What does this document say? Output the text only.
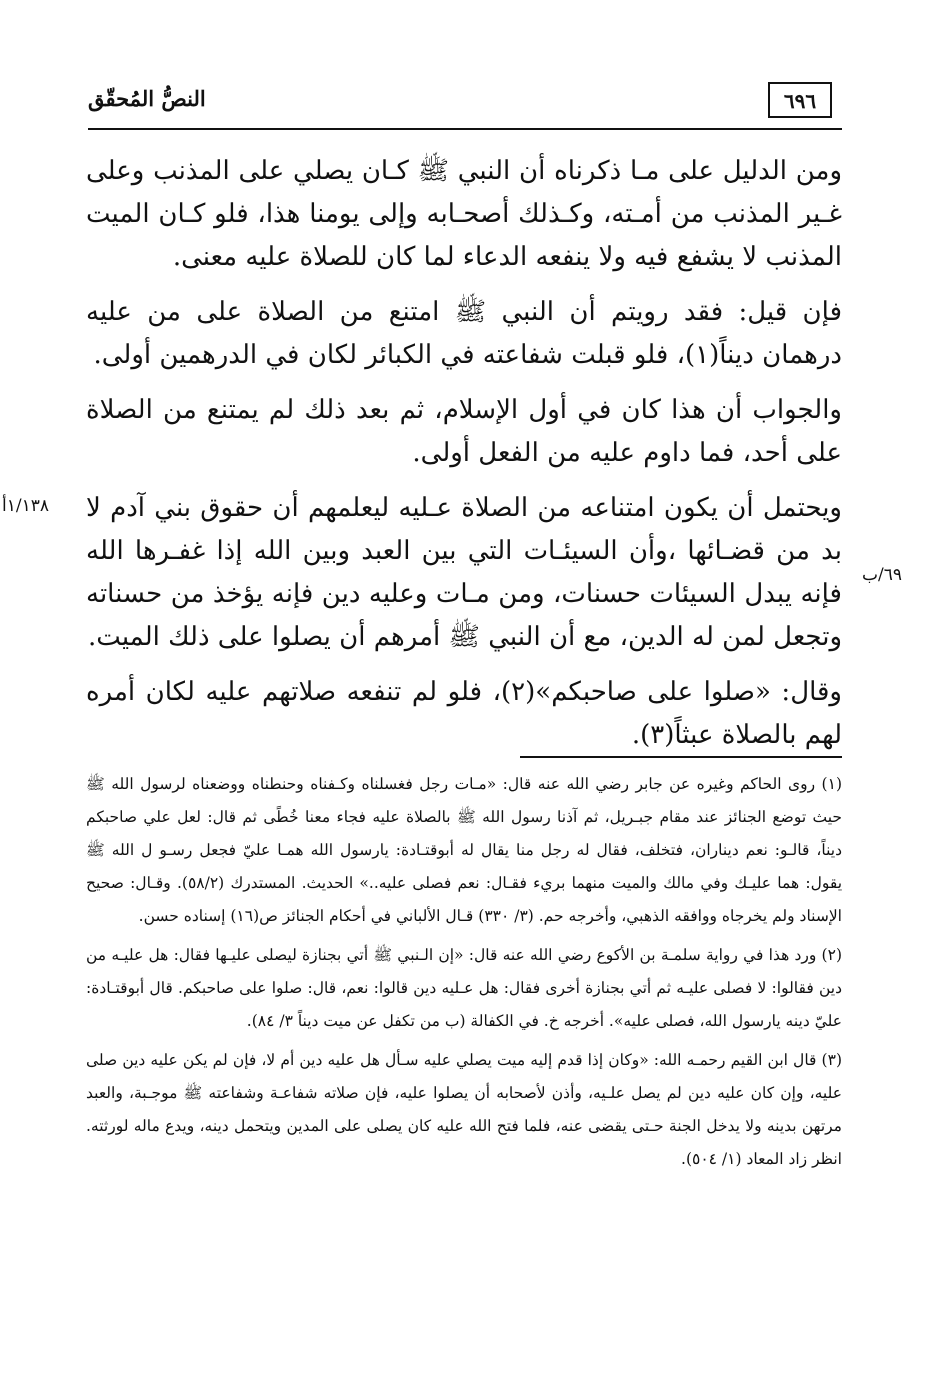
٦٩٦
النصُّ المُحقّق
١/١٣٨أ
٦٩/ب

ومن الدليل على مـا ذكرناه أن النبي ﷺ كـان يصلي على المذنب وعلى غـير المذنب من أمـته، وكـذلك أصحـابه وإلى يومنا هذا، فلو كـان الميت المذنب لا يشفع فيه ولا ينفعه الدعاء لما كان للصلاة عليه معنى.

فإن قيل: فقد رويتم أن النبي ﷺ امتنع من الصلاة على من عليه درهمان ديناً(١)، فلو قبلت شفاعته في الكبائر لكان في الدرهمين أولى.

والجواب أن هذا كان في أول الإسلام، ثم بعد ذلك لم يمتنع من الصلاة على أحد، فما داوم عليه من الفعل أولى.

ويحتمل أن يكون امتناعه من الصلاة عـليه ليعلمهم أن حقوق بني آدم لا بد من قضـائها ،وأن السيئـات التي بين العبد وبين الله إذا غفـرها الله فإنه يبدل السيئات حسنات، ومن مـات وعليه دين فإنه يؤخذ من حسناته وتجعل لمن له الدين، مع أن النبي ﷺ أمرهم أن يصلوا على ذلك الميت.

وقال: «صلوا على صاحبكم»(٢)، فلو لم تنفعه صلاتهم عليه لكان أمره لهم بالصلاة عبثاً(٣).

(١) روى الحاكم وغيره عن جابر رضي الله عنه قال: «مـات رجل فغسلناه وكـفناه وحنطناه ووضعناه لرسول الله ﷺ حيث توضع الجنائز عند مقام جبـريل، ثم آذنا رسول الله ﷺ بالصلاة عليه فجاء معنا خُطًى ثم قال: لعل علي صاحبكم ديناً، قالـو: نعم ديناران، فتخلف، فقال له رجل منا يقال له أبوقتـادة: يارسول الله همـا عليّ فجعل رسـو ل الله ﷺ يقول: هما عليـك وفي مالك والميت منهما بريء فقـال: نعم فصلى عليه..» الحديث. المستدرك (٥٨/٢). وقـال: صحيح الإسناد ولم يخرجاه ووافقه الذهبي، وأخرجه حم. (٣/ ٣٣٠) قـال الألباني في أحكام الجنائز ص(١٦) إسناده حسن.

(٢) ورد هذا في رواية سلمـة بن الأكوع رضي الله عنه قال: «إن الـنبي ﷺ أتي بجنازة ليصلى عليـها فقال: هل عليـه من دين فقالوا: لا فصلى عليـه ثم أتي بجنازة أخرى فقال: هل عـليه دين قالوا: نعم، قال: صلوا على صاحبكم. قال أبوقتـادة: عليّ دينه يارسول الله، فصلى عليه». أخرجه خ. في الكفالة (ب من تكفل عن ميت ديناً ٣/ ٨٤).

(٣) قال ابن القيم رحمـه الله: «وكان إذا قدم إليه ميت يصلي عليه سـأل هل عليه دين أم لا، فإن لم يكن عليه دين صلى عليه، وإن كان عليه دين لم يصل علـيه، وأذن لأصحابه أن يصلوا عليه، فإن صلاته شفاعـة وشفاعته ﷺ موجـبة، والعبد مرتهن بدينه ولا يدخل الجنة حـتى يقضى عنه، فلما فتح الله عليه كان يصلى على المدين ويتحمل دينه، ويدع ماله لورثته. انظر زاد المعاد (١/ ٥٠٤).
